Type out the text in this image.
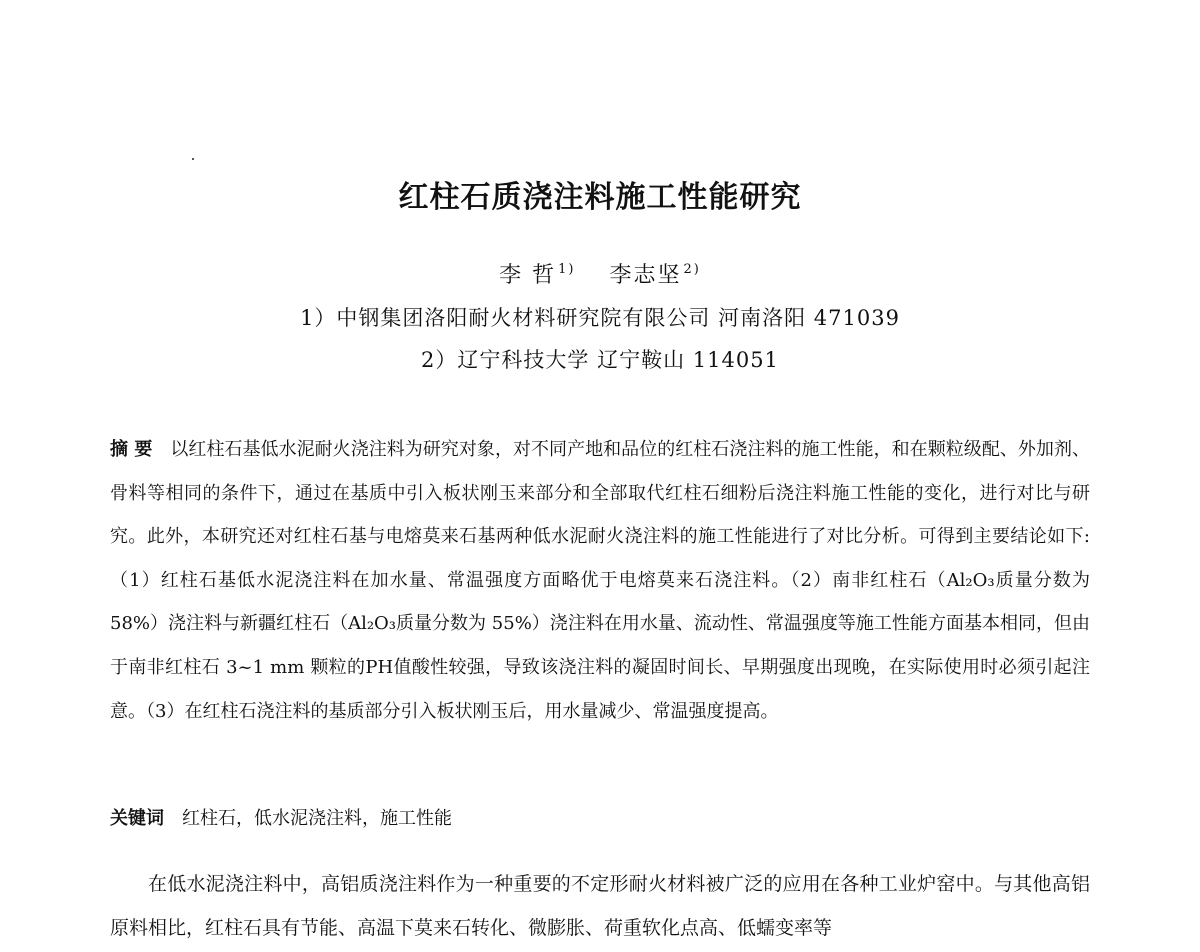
红柱石质浇注料施工性能研究
李 哲 $^{1)}$ 李志坚 $^{2)}$
1）中钢集团洛阳耐火材料研究院有限公司 河南洛阳 471039
2）辽宁科技大学 辽宁鞍山 114051
摘 要 以红柱石基低水泥耐火浇注料为研究对象，对不同产地和品位的红柱石浇注料的施工性能，和在颗粒级配、外加剂、骨料等相同的条件下，通过在基质中引入板状刚玉来部分和全部取代红柱石细粉后浇注料施工性能的变化，进行对比与研究。此外，本研究还对红柱石基与电熔莫来石基两种低水泥耐火浇注料的施工性能进行了对比分析。可得到主要结论如下:（1）红柱石基低水泥浇注料在加水量、常温强度方面略优于电熔莫来石浇注料。（2）南非红柱石（Al₂O₃质量分数为 58%）浇注料与新疆红柱石（Al₂O₃质量分数为 55%）浇注料在用水量、流动性、常温强度等施工性能方面基本相同，但由于南非红柱石 3~1 mm 颗粒的PH值酸性较强，导致该浇注料的凝固时间长、早期强度出现晚，在实际使用时必须引起注意。（3）在红柱石浇注料的基质部分引入板状刚玉后，用水量减少、常温强度提高。
关键词 红柱石，低水泥浇注料，施工性能
在低水泥浇注料中，高铝质浇注料作为一种重要的不定形耐火材料被广泛的应用在各种工业炉窑中。与其他高铝原料相比，红柱石具有节能、高温下莫来石转化、微膨胀、荷重软化点高、低蠕变率等
